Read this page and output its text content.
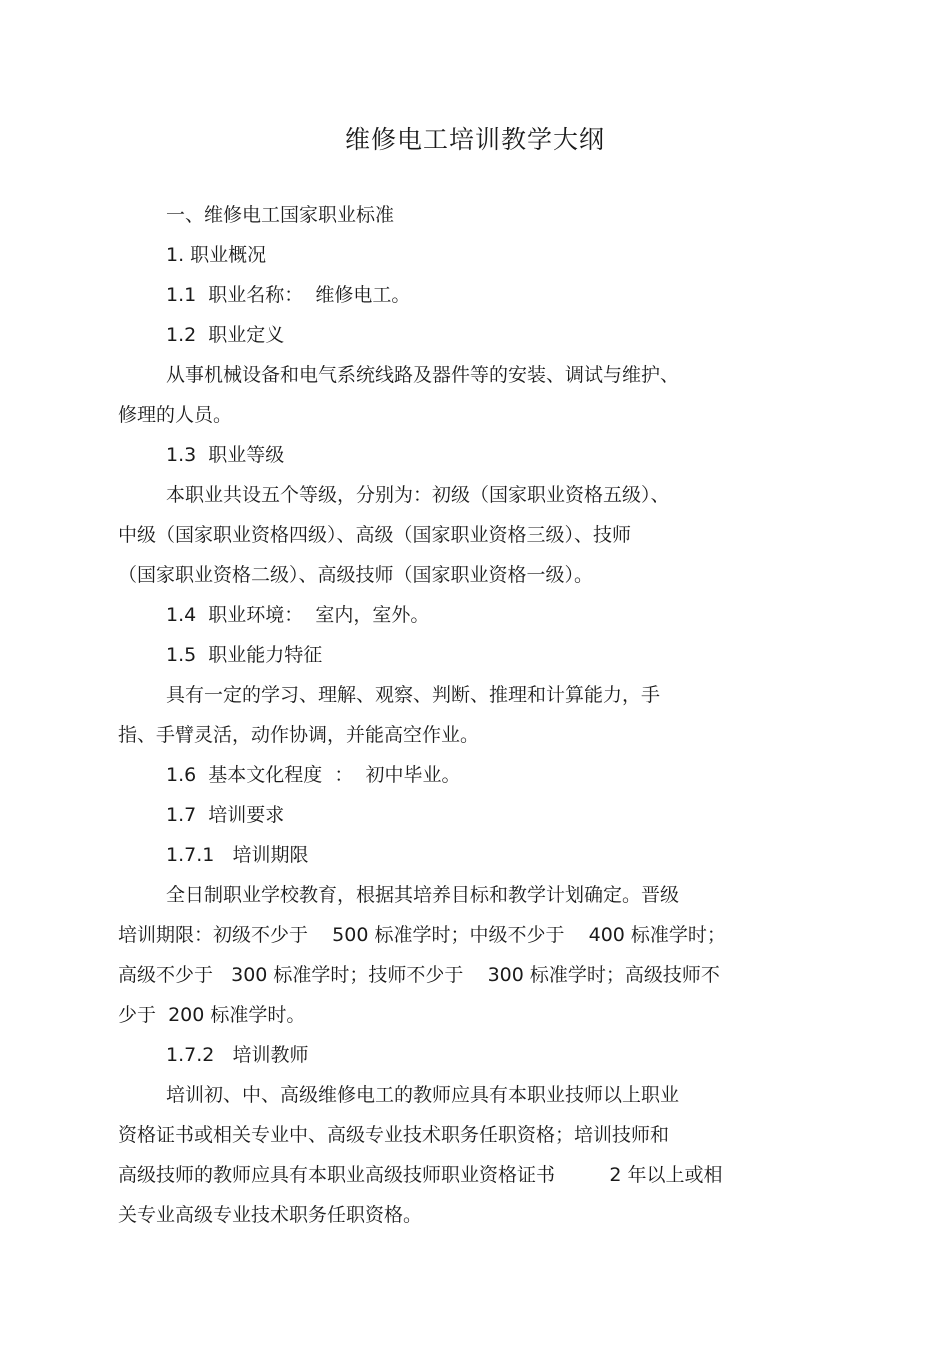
维修电工培训教学大纲
一、维修电工国家职业标准
1. 职业概况
1.1  职业名称：  维修电工。
1.2  职业定义
从事机械设备和电气系统线路及器件等的安装、调试与维护、
修理的人员。
1.3  职业等级
本职业共设五个等级，分别为：初级（国家职业资格五级）、
中级（国家职业资格四级）、高级（国家职业资格三级）、技师
（国家职业资格二级）、高级技师（国家职业资格一级）。
1.4  职业环境：  室内，室外。
1.5  职业能力特征
具有一定的学习、理解、观察、判断、推理和计算能力，手
指、手臂灵活，动作协调，并能高空作业。
1.6  基本文化程度  ：  初中毕业。
1.7  培训要求
1.7.1   培训期限
全日制职业学校教育，根据其培养目标和教学计划确定。晋级
培训期限：初级不少于    500 标准学时；中级不少于    400 标准学时；
高级不少于   300 标准学时；技师不少于    300 标准学时；高级技师不
少于  200 标准学时。
1.7.2   培训教师
培训初、中、高级维修电工的教师应具有本职业技师以上职业
资格证书或相关专业中、高级专业技术职务任职资格；培训技师和
高级技师的教师应具有本职业高级技师职业资格证书         2 年以上或相
关专业高级专业技术职务任职资格。
